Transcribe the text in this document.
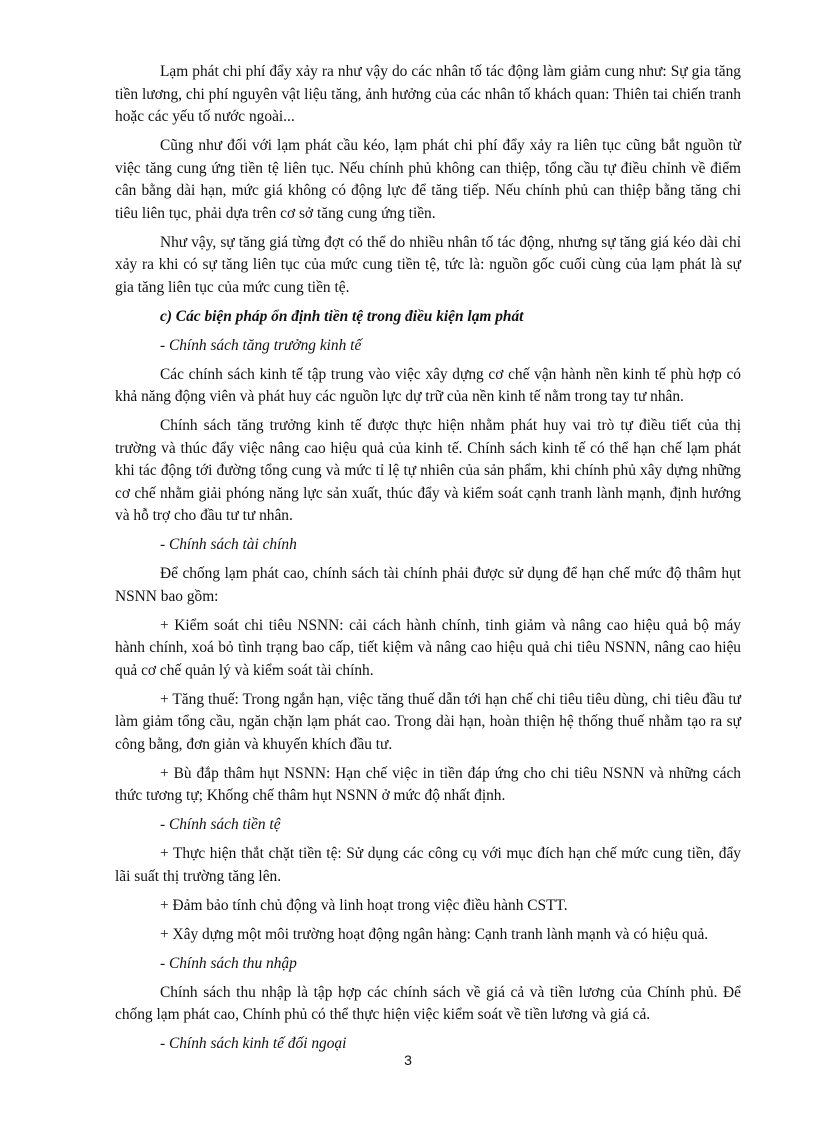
Lạm phát chi phí đẩy xảy ra như vậy do các nhân tố tác động làm giảm cung như: Sự gia tăng tiền lương, chi phí nguyên vật liệu tăng, ảnh hưởng của các nhân tố khách quan: Thiên tai chiến tranh hoặc các yếu tố nước ngoài...

Cũng như đối với lạm phát cầu kéo, lạm phát chi phí đẩy xảy ra liên tục cũng bắt nguồn từ việc tăng cung ứng tiền tệ liên tục. Nếu chính phủ không can thiệp, tổng cầu tự điều chỉnh về điểm cân bằng dài hạn, mức giá không có động lực để tăng tiếp. Nếu chính phủ can thiệp bằng tăng chi tiêu liên tục, phải dựa trên cơ sở tăng cung ứng tiền.

Như vậy, sự tăng giá từng đợt có thể do nhiều nhân tố tác động, nhưng sự tăng giá kéo dài chỉ xảy ra khi có sự tăng liên tục của mức cung tiền tệ, tức là: nguồn gốc cuối cùng của lạm phát là sự gia tăng liên tục của mức cung tiền tệ.

c) Các biện pháp ổn định tiền tệ trong điều kiện lạm phát

- Chính sách tăng trưởng kinh tế

Các chính sách kinh tế tập trung vào việc xây dựng cơ chế vận hành nền kinh tế phù hợp có khả năng động viên và phát huy các nguồn lực dự trữ của nền kinh tế nằm trong tay tư nhân.

Chính sách tăng trưởng kinh tế được thực hiện nhằm phát huy vai trò tự điều tiết của thị trường và thúc đẩy việc nâng cao hiệu quả của kinh tế. Chính sách kinh tế có thể hạn chế lạm phát khi tác động tới đường tổng cung và mức tỉ lệ tự nhiên của sản phẩm, khi chính phủ xây dựng những cơ chế nhằm giải phóng năng lực sản xuất, thúc đẩy và kiểm soát cạnh tranh lành mạnh, định hướng và hỗ trợ cho đầu tư tư nhân.

- Chính sách tài chính

Để chống lạm phát cao, chính sách tài chính phải được sử dụng để hạn chế mức độ thâm hụt NSNN bao gồm:

+ Kiểm soát chi tiêu NSNN: cải cách hành chính, tinh giảm và nâng cao hiệu quả bộ máy hành chính, xoá bỏ tình trạng bao cấp, tiết kiệm và nâng cao hiệu quả chi tiêu NSNN, nâng cao hiệu quả cơ chế quản lý và kiểm soát tài chính.

+ Tăng thuế: Trong ngắn hạn, việc tăng thuế dẫn tới hạn chế chi tiêu tiêu dùng, chi tiêu đầu tư làm giảm tổng cầu, ngăn chặn lạm phát cao. Trong dài hạn, hoàn thiện hệ thống thuế nhằm tạo ra sự công bằng, đơn giản và khuyến khích đầu tư.

+ Bù đắp thâm hụt NSNN: Hạn chế việc in tiền đáp ứng cho chi tiêu NSNN và những cách thức tương tự; Khống chế thâm hụt NSNN ở mức độ nhất định.

- Chính sách tiền tệ

+ Thực hiện thắt chặt tiền tệ: Sử dụng các công cụ với mục đích hạn chế mức cung tiền, đẩy lãi suất thị trường tăng lên.

+ Đảm bảo tính chủ động và linh hoạt trong việc điều hành CSTT.

+ Xây dựng một môi trường hoạt động ngân hàng: Cạnh tranh lành mạnh và có hiệu quả.

- Chính sách thu nhập

Chính sách thu nhập là tập hợp các chính sách về giá cả và tiền lương của Chính phủ. Để chống lạm phát cao, Chính phủ có thể thực hiện việc kiểm soát về tiền lương và giá cả.

- Chính sách kinh tế đối ngoại

3
